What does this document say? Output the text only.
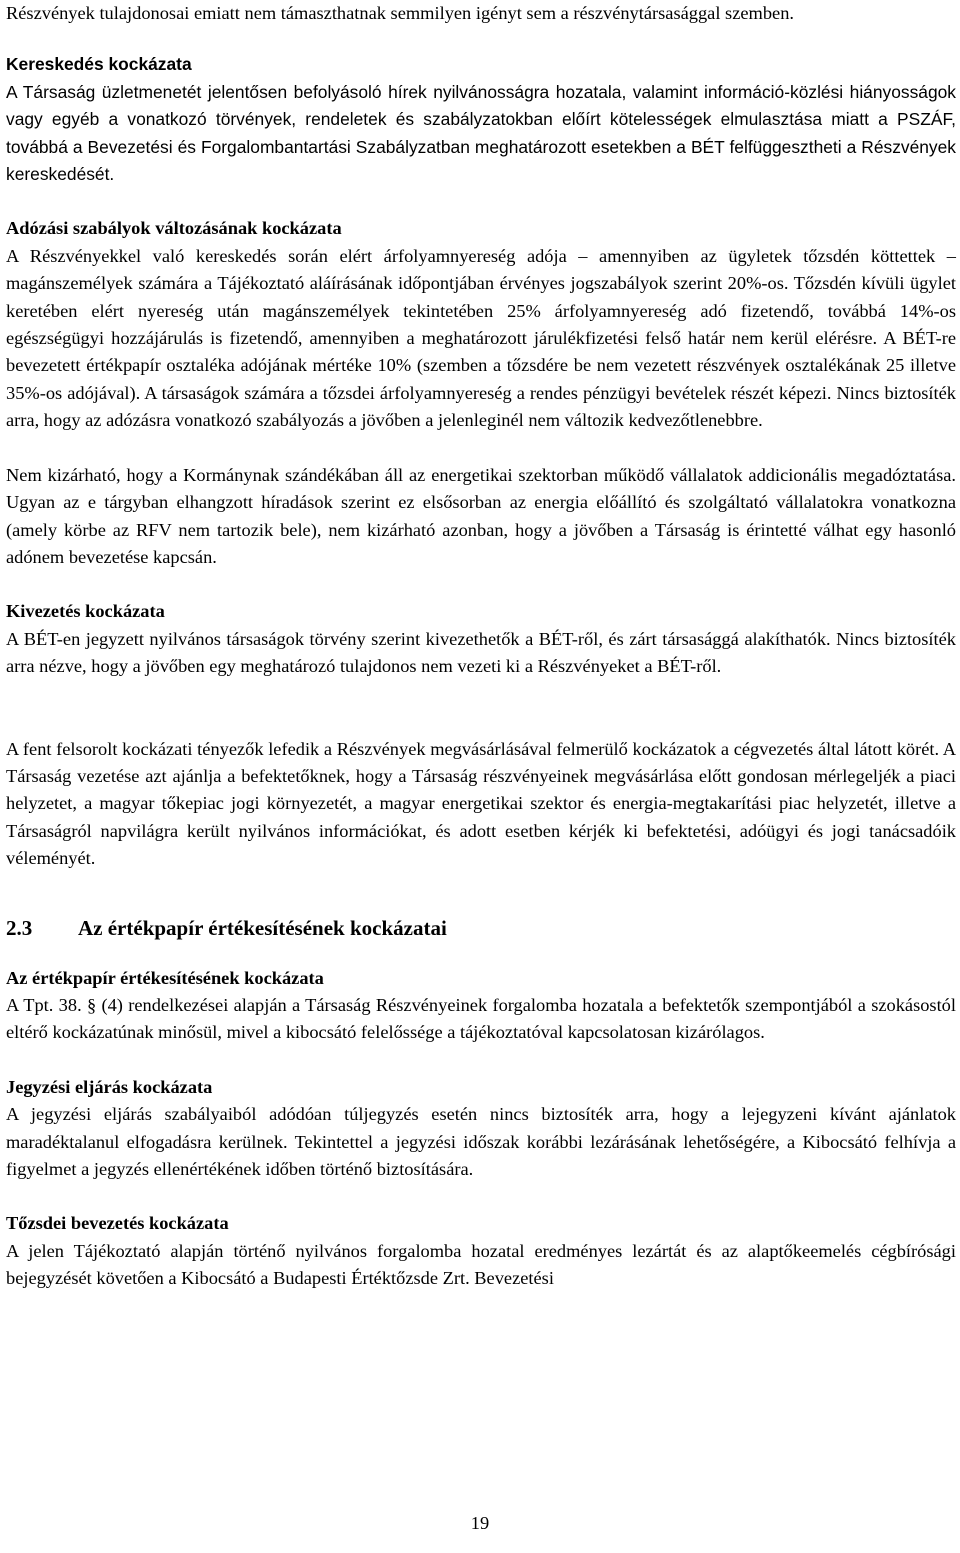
Részvények tulajdonosai emiatt nem támaszthatnak semmilyen igényt sem a részvénytársasággal szemben.

Kereskedés kockázata

A Társaság üzletmenetét jelentősen befolyásoló hírek nyilvánosságra hozatala, valamint információ-közlési hiányosságok vagy egyéb a vonatkozó törvények, rendeletek és szabályzatokban előírt kötelességek elmulasztása miatt a PSZÁF, továbbá a Bevezetési és Forgalombantartási Szabályzatban meghatározott esetekben a BÉT felfüggesztheti a Részvények kereskedését.

Adózási szabályok változásának kockázata

A Részvényekkel való kereskedés során elért árfolyamnyereség adója – amennyiben az ügyletek tőzsdén köttettek – magánszemélyek számára a Tájékoztató aláírásának időpontjában érvényes jogszabályok szerint 20%-os. Tőzsdén kívüli ügylet keretében elért nyereség után magánszemélyek tekintetében 25% árfolyamnyereség adó fizetendő, továbbá 14%-os egészségügyi hozzájárulás is fizetendő, amennyiben a meghatározott járulékfizetési felső határ nem kerül elérésre. A BÉT-re bevezetett értékpapír osztaléka adójának mértéke 10% (szemben a tőzsdére be nem vezetett részvények osztalékának 25 illetve 35%-os adójával). A társaságok számára a tőzsdei árfolyamnyereség a rendes pénzügyi bevételek részét képezi. Nincs biztosíték arra, hogy az adózásra vonatkozó szabályozás a jövőben a jelenleginél nem változik kedvezőtlenebbre.

Nem kizárható, hogy a Kormánynak szándékában áll az energetikai szektorban működő vállalatok addicionális megadóztatása. Ugyan az e tárgyban elhangzott híradások szerint ez elsősorban az energia előállító és szolgáltató vállalatokra vonatkozna (amely körbe az RFV nem tartozik bele), nem kizárható azonban, hogy a jövőben a Társaság is érintetté válhat egy hasonló adónem bevezetése kapcsán.

Kivezetés kockázata

A BÉT-en jegyzett nyilvános társaságok törvény szerint kivezethetők a BÉT-ről, és zárt társasággá alakíthatók. Nincs biztosíték arra nézve, hogy a jövőben egy meghatározó tulajdonos nem vezeti ki a Részvényeket a BÉT-ről.

A fent felsorolt kockázati tényezők lefedik a Részvények megvásárlásával felmerülő kockázatok a cégvezetés által látott körét. A Társaság vezetése azt ajánlja a befektetőknek, hogy a Társaság részvényeinek megvásárlása előtt gondosan mérlegeljék a piaci helyzetet, a magyar tőkepiac jogi környezetét, a magyar energetikai szektor és energia-megtakarítási piac helyzetét, illetve a Társaságról napvilágra került nyilvános információkat, és adott esetben kérjék ki befektetési, adóügyi és jogi tanácsadóik véleményét.

2.3	Az értékpapír értékesítésének kockázatai
Az értékpapír értékesítésének kockázata

A Tpt. 38. § (4) rendelkezései alapján a Társaság Részvényeinek forgalomba hozatala a befektetők szempontjából a szokásostól eltérő kockázatúnak minősül, mivel a kibocsátó felelőssége a tájékoztatóval kapcsolatosan kizárólagos.

Jegyzési eljárás kockázata

A jegyzési eljárás szabályaiból adódóan túljegyzés esetén nincs biztosíték arra, hogy a lejegyzeni kívánt ajánlatok maradéktalanul elfogadásra kerülnek. Tekintettel a jegyzési időszak korábbi lezárásának lehetőségére, a Kibocsátó felhívja a figyelmet a jegyzés ellenértékének időben történő biztosítására.

Tőzsdei bevezetés kockázata

A jelen Tájékoztató alapján történő nyilvános forgalomba hozatal eredményes lezártát és az alaptőkeemelés cégbírósági bejegyzését követően a Kibocsátó a Budapesti Értéktőzsde Zrt. Bevezetési

19
